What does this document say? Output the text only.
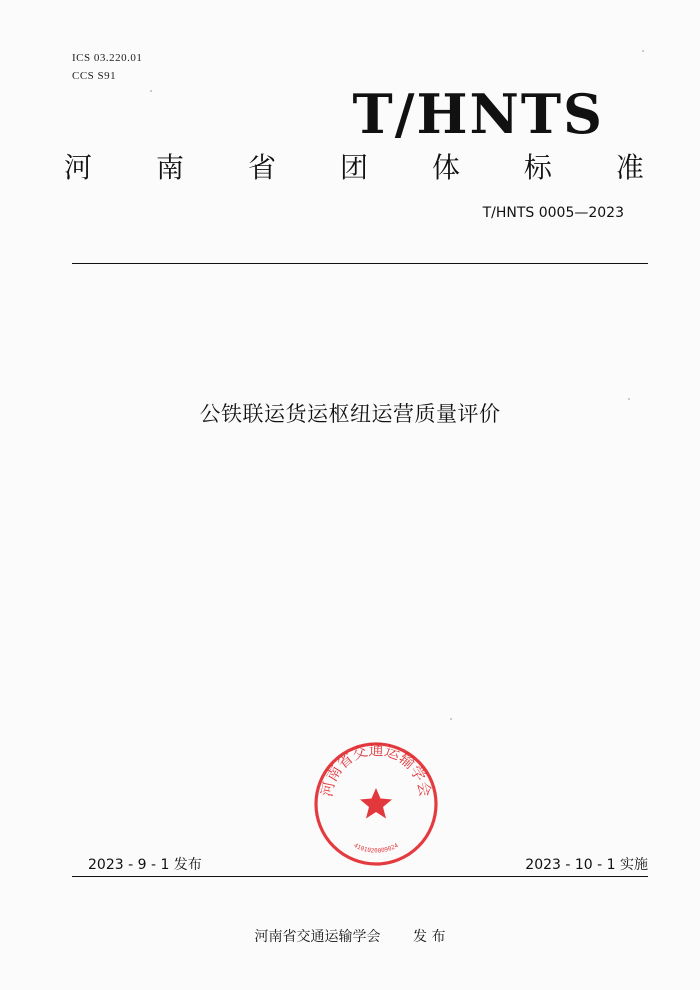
ICS 03.220.01
CCS S91
T/HNTS
河 南 省 团 体 标 准
T/HNTS 0005—2023

公铁联运货运枢纽运营质量评价
河南省交通运输学会
4101020009024
2023 - 9 - 1 发布	2023 - 10 - 1 实施
河南省交通运输学会 发 布
